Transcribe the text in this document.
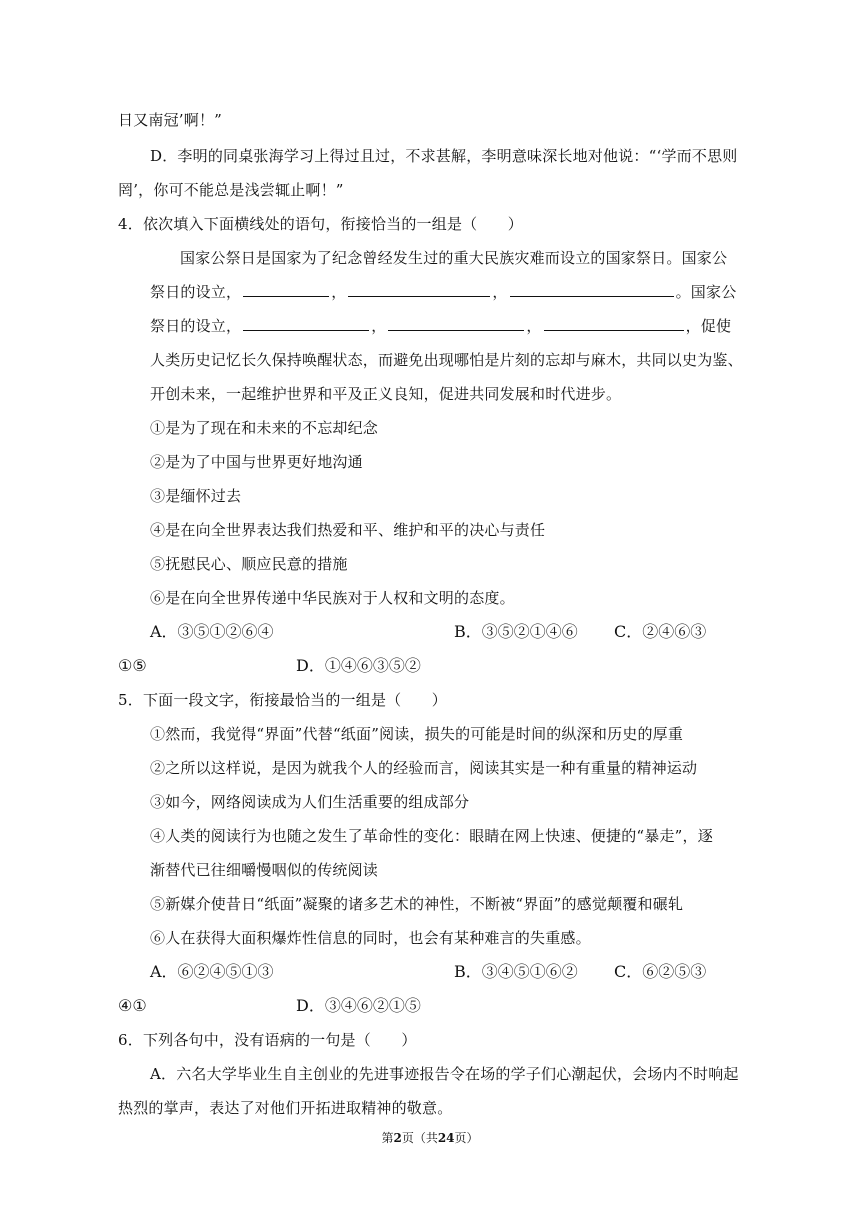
日又南冠’啊！”
D．李明的同桌张海学习上得过且过，不求甚解，李明意味深长地对他说：“‘学而不思则
罔’，你可不能总是浅尝辄止啊！”
4．依次填入下面横线处的语句，衔接恰当的一组是（　　）
国家公祭日是国家为了纪念曾经发生过的重大民族灾难而设立的国家祭日。国家公
祭日的设立，	，	，	。国家公
祭日的设立，	，	，	，促使
人类历史记忆长久保持唤醒状态，而避免出现哪怕是片刻的忘却与麻木，共同以史为鉴、
开创未来，一起维护世界和平及正义良知，促进共同发展和时代进步。
①是为了现在和未来的不忘却纪念
②是为了中国与世界更好地沟通
③是缅怀过去
④是在向全世界表达我们热爱和平、维护和平的决心与责任
⑤抚慰民心、顺应民意的措施
⑥是在向全世界传递中华民族对于人权和文明的态度。
A．③⑤①②⑥④	B．③⑤②①④⑥ C．②④⑥③
①⑤	D．①④⑥③⑤②
5．下面一段文字，衔接最恰当的一组是（　　）
①然而，我觉得“界面”代替“纸面”阅读，损失的可能是时间的纵深和历史的厚重
②之所以这样说，是因为就我个人的经验而言，阅读其实是一种有重量的精神运动
③如今，网络阅读成为人们生活重要的组成部分
④人类的阅读行为也随之发生了革命性的变化：眼睛在网上快速、便捷的“暴走”，逐
渐替代已往细嚼慢咽似的传统阅读
⑤新媒介使昔日“纸面”凝聚的诸多艺术的神性，不断被“界面”的感觉颠覆和碾轧
⑥人在获得大面积爆炸性信息的同时，也会有某种难言的失重感。
A．⑥②④⑤①③	B．③④⑤①⑥② C．⑥②⑤③
④①	D．③④⑥②①⑤
6．下列各句中，没有语病的一句是（　　）
A．六名大学毕业生自主创业的先进事迹报告令在场的学子们心潮起伏，会场内不时响起
热烈的掌声，表达了对他们开拓进取精神的敬意。
第2页（共24页）
